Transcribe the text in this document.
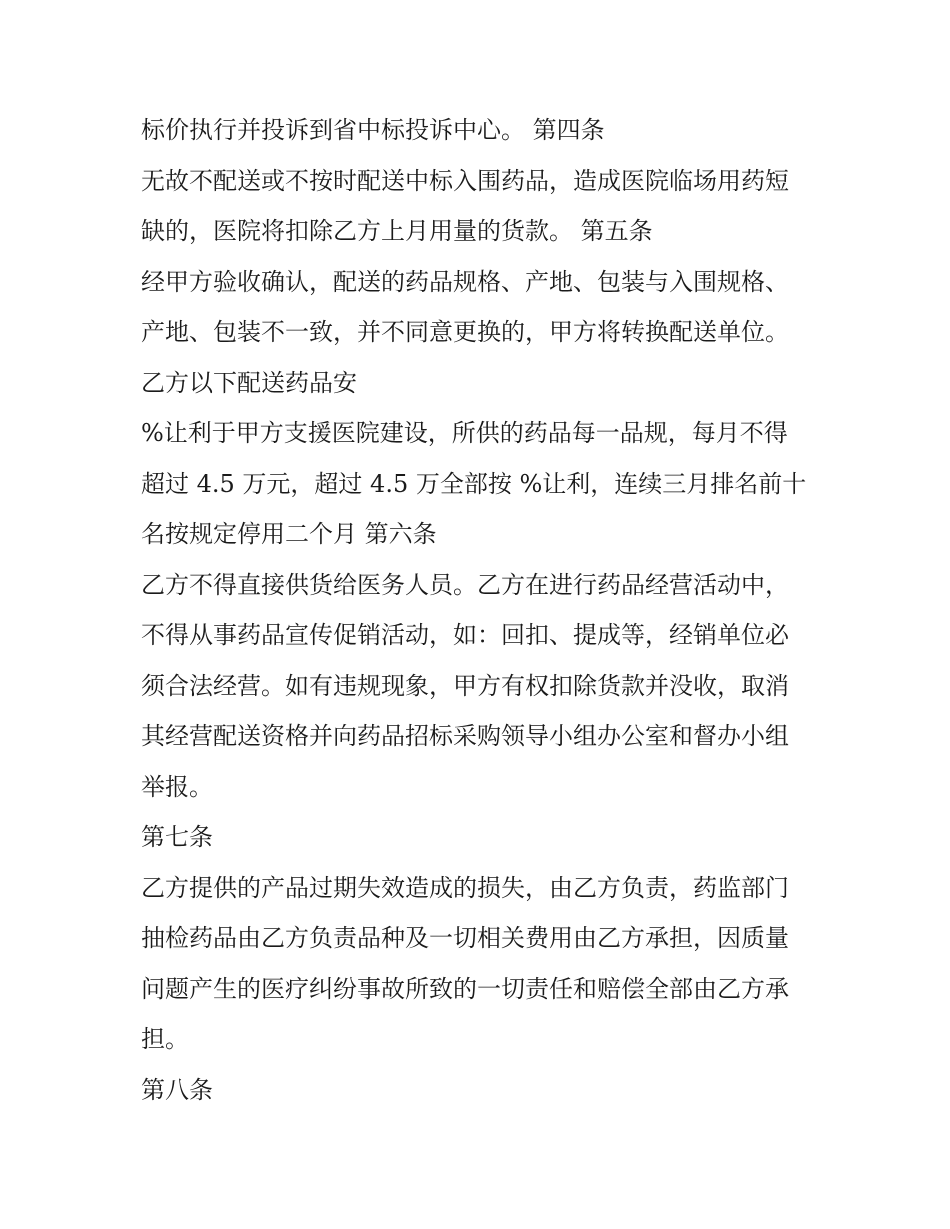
标价执行并投诉到省中标投诉中心。 第四条
无故不配送或不按时配送中标入围药品，造成医院临场用药短
缺的，医院将扣除乙方上月用量的货款。 第五条
经甲方验收确认，配送的药品规格、产地、包装与入围规格、
产地、包装不一致，并不同意更换的，甲方将转换配送单位。
乙方以下配送药品安
%让利于甲方支援医院建设，所供的药品每一品规，每月不得
超过 4.5 万元，超过 4.5 万全部按 %让利，连续三月排名前十
名按规定停用二个月 第六条
乙方不得直接供货给医务人员。乙方在进行药品经营活动中，
不得从事药品宣传促销活动，如：回扣、提成等，经销单位必
须合法经营。如有违规现象，甲方有权扣除货款并没收，取消
其经营配送资格并向药品招标采购领导小组办公室和督办小组
举报。
第七条
乙方提供的产品过期失效造成的损失，由乙方负责，药监部门
抽检药品由乙方负责品种及一切相关费用由乙方承担，因质量
问题产生的医疗纠纷事故所致的一切责任和赔偿全部由乙方承
担。
第八条
